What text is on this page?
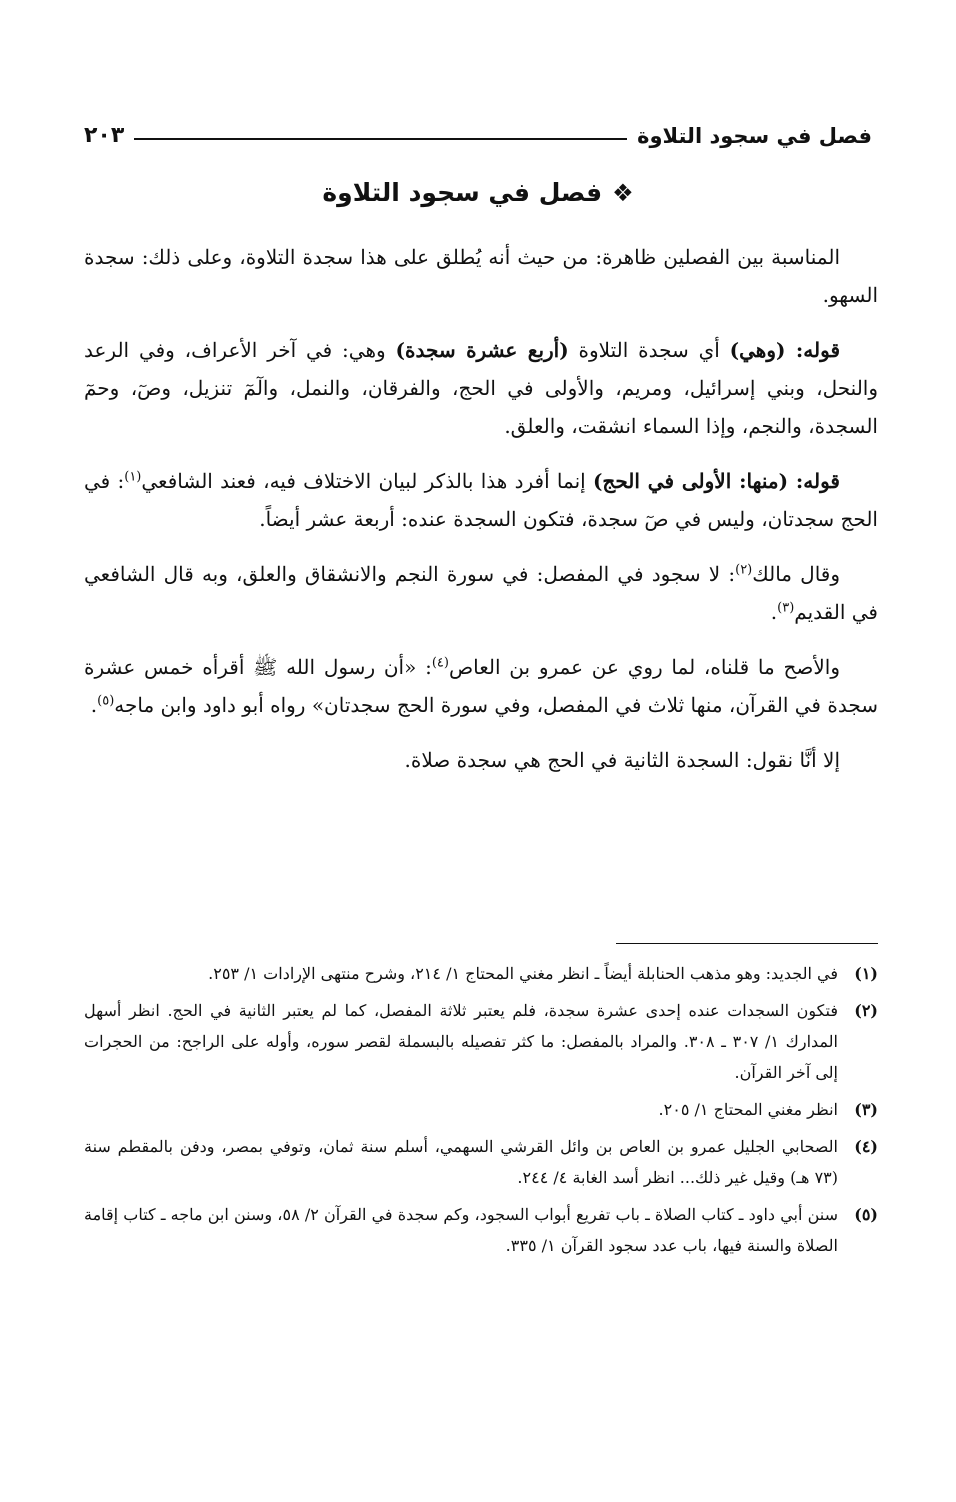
فصل في سجود التلاوة
٢٠٣
❖فصل في سجود التلاوة

المناسبة بين الفصلين ظاهرة: من حيث أنه يُطلق على هذا سجدة التلاوة، وعلى ذلك: سجدة السهو.

قوله: (وهي) أي سجدة التلاوة (أربع عشرة سجدة) وهي: في آخر الأعراف، وفي الرعد والنحل، وبني إسرائيل، ومريم، والأولى في الحج، والفرقان، والنمل، والٓمٓ تنزيل، وصٓ، وحمٓ السجدة، والنجم، وإذا السماء انشقت، والعلق.

قوله: (منها: الأولى في الحج) إنما أفرد هذا بالذكر لبيان الاختلاف فيه، فعند الشافعي$^{(١)}$: في الحج سجدتان، وليس في صٓ سجدة، فتكون السجدة عنده: أربعة عشر أيضاً.

وقال مالك$^{(٢)}$: لا سجود في المفصل: في سورة النجم والانشقاق والعلق، وبه قال الشافعي في القديم$^{(٣)}$.

والأصح ما قلناه، لما روي عن عمرو بن العاص$^{(٤)}$: «أن رسول الله ﷺ أقرأه خمس عشرة سجدة في القرآن، منها ثلاث في المفصل، وفي سورة الحج سجدتان» رواه أبو داود وابن ماجه$^{(٥)}$.

إلا أنَّا نقول: السجدة الثانية في الحج هي سجدة صلاة.

(١)
في الجديد: وهو مذهب الحنابلة أيضاً ـ انظر مغني المحتاج ١/ ٢١٤، وشرح منتهى الإرادات ١/ ٢٥٣.
(٢)
فتكون السجدات عنده إحدى عشرة سجدة، فلم يعتبر ثلاثة المفصل، كما لم يعتبر الثانية في الحج. انظر أسهل المدارك ١/ ٣٠٧ ـ ٣٠٨. والمراد بالمفصل: ما كثر تفصيله بالبسملة لقصر سوره، وأوله على الراجح: من الحجرات إلى آخر القرآن.
(٣)
انظر مغني المحتاج ١/ ٢٠٥.
(٤)
الصحابي الجليل عمرو بن العاص بن وائل القرشي السهمي، أسلم سنة ثمان، وتوفي بمصر، ودفن بالمقطم سنة (٧٣ هـ) وقيل غير ذلك... انظر أسد الغابة ٤/ ٢٤٤.
(٥)
سنن أبي داود ـ كتاب الصلاة ـ باب تفريع أبواب السجود، وكم سجدة في القرآن ٢/ ٥٨، وسنن ابن ماجه ـ كتاب إقامة الصلاة والسنة فيها، باب عدد سجود القرآن ١/ ٣٣٥.
